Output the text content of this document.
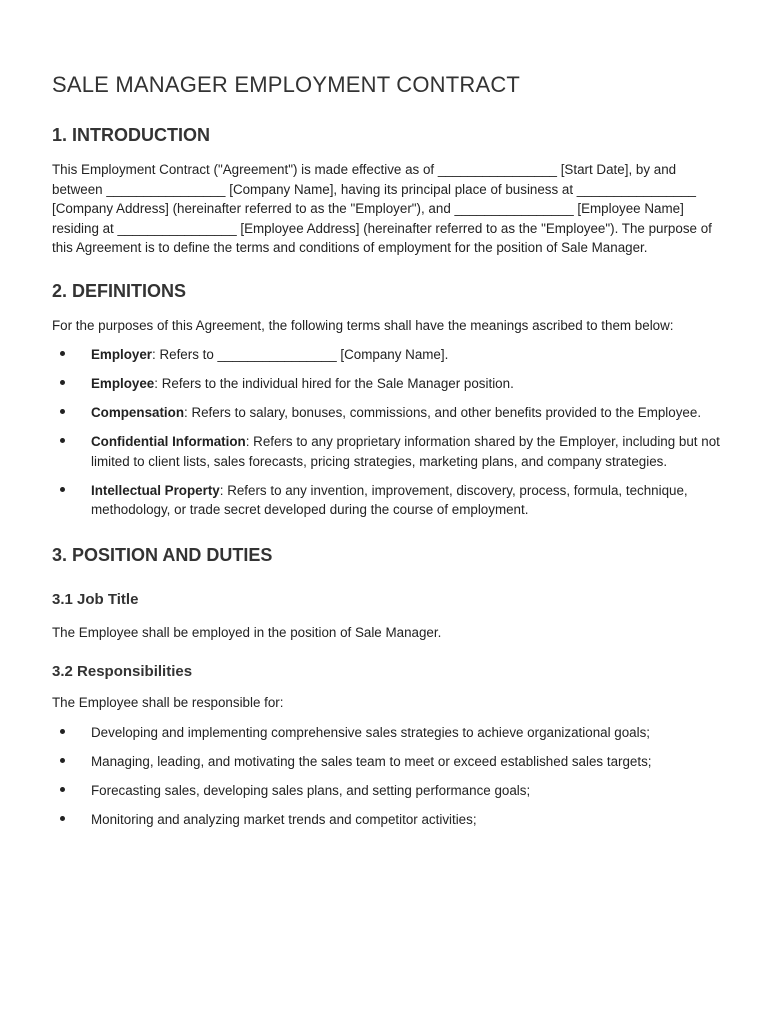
SALE MANAGER EMPLOYMENT CONTRACT
1. INTRODUCTION

This Employment Contract ("Agreement") is made effective as of ________________ [Start Date], by and between ________________ [Company Name], having its principal place of business at ________________ [Company Address] (hereinafter referred to as the "Employer"), and ________________ [Employee Name] residing at ________________ [Employee Address] (hereinafter referred to as the "Employee"). The purpose of this Agreement is to define the terms and conditions of employment for the position of Sale Manager.

2. DEFINITIONS

For the purposes of this Agreement, the following terms shall have the meanings ascribed to them below:

Employer: Refers to ________________ [Company Name].
Employee: Refers to the individual hired for the Sale Manager position.
Compensation: Refers to salary, bonuses, commissions, and other benefits provided to the Employee.
Confidential Information: Refers to any proprietary information shared by the Employer, including but not limited to client lists, sales forecasts, pricing strategies, marketing plans, and company strategies.
Intellectual Property: Refers to any invention, improvement, discovery, process, formula, technique, methodology, or trade secret developed during the course of employment.
3. POSITION AND DUTIES
3.1 Job Title

The Employee shall be employed in the position of Sale Manager.

3.2 Responsibilities

The Employee shall be responsible for:

Developing and implementing comprehensive sales strategies to achieve organizational goals;
Managing, leading, and motivating the sales team to meet or exceed established sales targets;
Forecasting sales, developing sales plans, and setting performance goals;
Monitoring and analyzing market trends and competitor activities;
